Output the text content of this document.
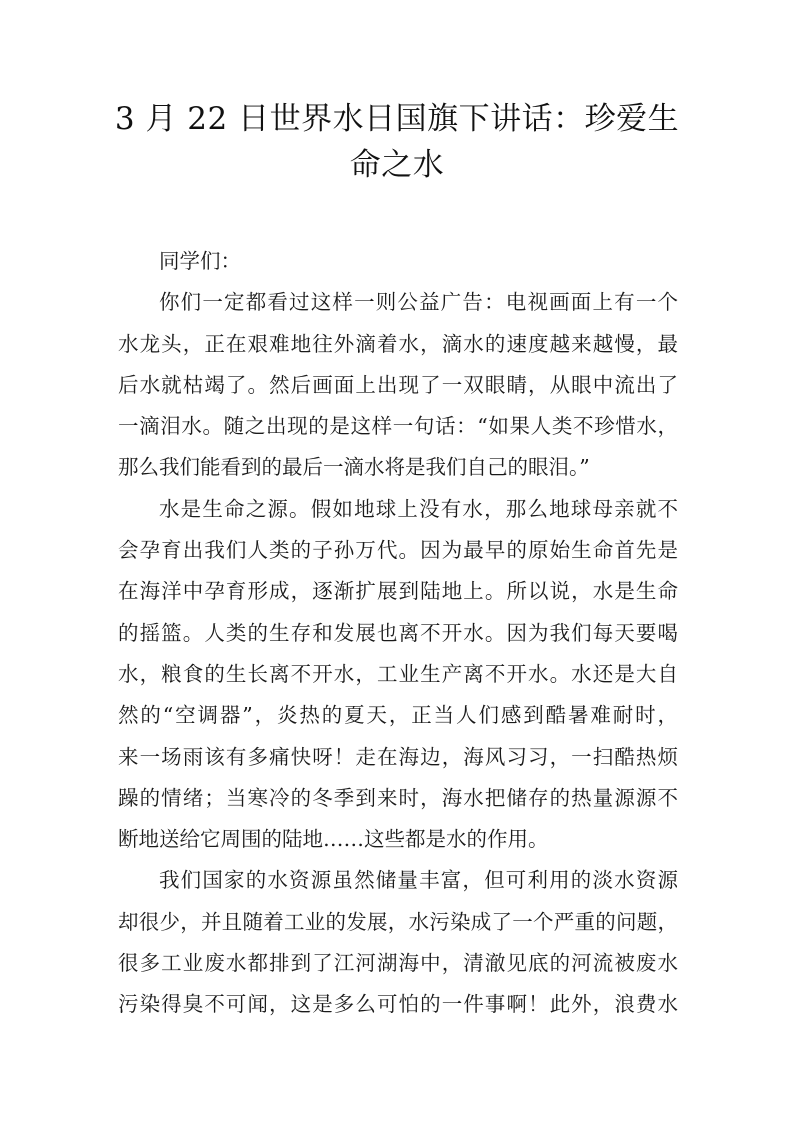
3 月 22 日世界水日国旗下讲话：珍爱生
命之水
同学们：
你们一定都看过这样一则公益广告：电视画面上有一个
水龙头，正在艰难地往外滴着水，滴水的速度越来越慢，最
后水就枯竭了。然后画面上出现了一双眼睛，从眼中流出了
一滴泪水。随之出现的是这样一句话：“如果人类不珍惜水，
那么我们能看到的最后一滴水将是我们自己的眼泪。”
水是生命之源。假如地球上没有水，那么地球母亲就不
会孕育出我们人类的子孙万代。因为最早的原始生命首先是
在海洋中孕育形成，逐渐扩展到陆地上。所以说，水是生命
的摇篮。人类的生存和发展也离不开水。因为我们每天要喝
水，粮食的生长离不开水，工业生产离不开水。水还是大自
然的“空调器”，炎热的夏天，正当人们感到酷暑难耐时，
来一场雨该有多痛快呀！走在海边，海风习习，一扫酷热烦
躁的情绪；当寒冷的冬季到来时，海水把储存的热量源源不
断地送给它周围的陆地……这些都是水的作用。
我们国家的水资源虽然储量丰富，但可利用的淡水资源
却很少，并且随着工业的发展，水污染成了一个严重的问题，
很多工业废水都排到了江河湖海中，清澈见底的河流被废水
污染得臭不可闻，这是多么可怕的一件事啊！此外，浪费水
